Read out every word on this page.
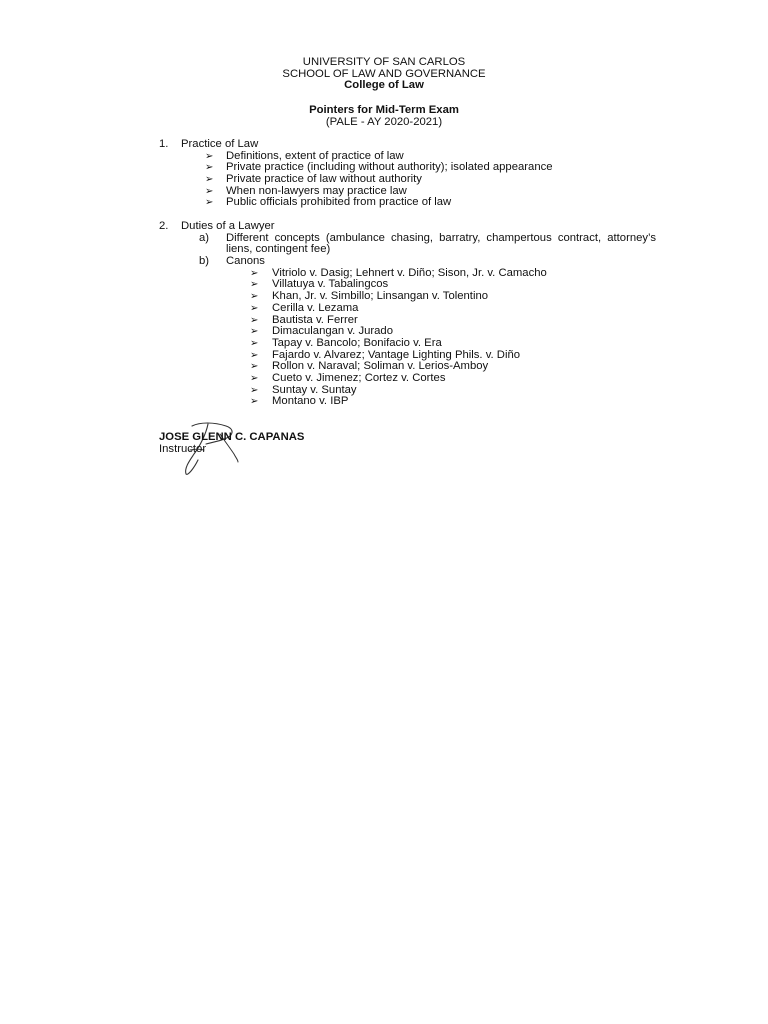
UNIVERSITY OF SAN CARLOS
SCHOOL OF LAW AND GOVERNANCE
College of Law
Pointers for Mid-Term Exam
(PALE - AY 2020-2021)
1. Practice of Law
➢ Definitions, extent of practice of law
➢ Private practice (including without authority); isolated appearance
➢ Private practice of law without authority
➢ When non-lawyers may practice law
➢ Public officials prohibited from practice of law
2. Duties of a Lawyer
a) Different concepts (ambulance chasing, barratry, champertous contract, attorney’s liens, contingent fee)
b) Canons
➢ Vitriolo v. Dasig; Lehnert v. Diño; Sison, Jr. v. Camacho
➢ Villatuya v. Tabalingcos
➢ Khan, Jr. v. Simbillo; Linsangan v. Tolentino
➢ Cerilla v. Lezama
➢ Bautista v. Ferrer
➢ Dimaculangan v. Jurado
➢ Tapay v. Bancolo; Bonifacio v. Era
➢ Fajardo v. Alvarez; Vantage Lighting Phils. v. Diño
➢ Rollon v. Naraval; Soliman v. Lerios-Amboy
➢ Cueto v. Jimenez; Cortez v. Cortes
➢ Suntay v. Suntay
➢ Montano v. IBP
JOSE GLENN C. CAPANAS
Instructor
